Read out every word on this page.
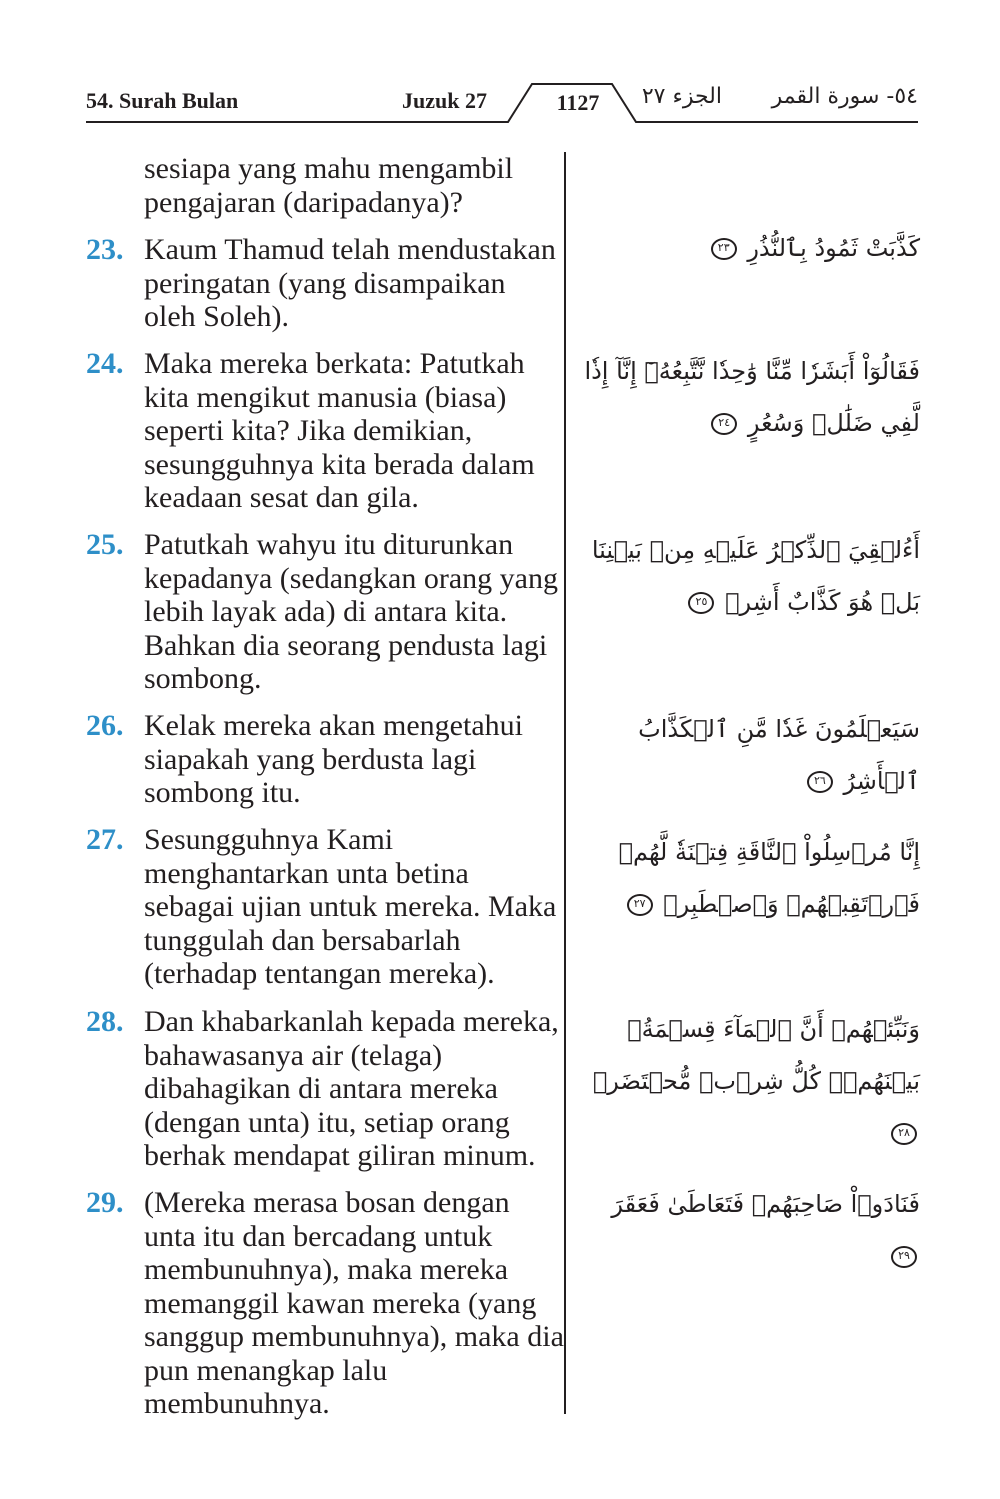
54. Surah Bulan	Juzuk 27	1127	الجزء ٢٧	٥٤- سورة القمر
sesiapa yang mahu mengambil pengajaran (daripadanya)?
23. Kaum Thamud telah mendustakan peringatan (yang disampaikan oleh Soleh).
24. Maka mereka berkata: Patutkah kita mengikut manusia (biasa) seperti kita? Jika demikian, sesungguhnya kita berada dalam keadaan sesat dan gila.
25. Patutkah wahyu itu diturunkan kepadanya (sedangkan orang yang lebih layak ada) di antara kita. Bahkan dia seorang pendusta lagi sombong.
26. Kelak mereka akan mengetahui siapakah yang berdusta lagi sombong itu.
27. Sesungguhnya Kami menghantarkan unta betina sebagai ujian untuk mereka. Maka tunggulah dan bersabarlah (terhadap tentangan mereka).
28. Dan khabarkanlah kepada mereka, bahawasanya air (telaga) dibahagikan di antara mereka (dengan unta) itu, setiap orang berhak mendapat giliran minum.
29. (Mereka merasa bosan dengan unta itu dan bercadang untuk membunuhnya), maka mereka memanggil kawan mereka (yang sanggup membunuhnya), maka dia pun menangkap lalu membunuhnya.
كَذَّبَتْ ثَمُودُ بِٱلنُّذُرِ ٢٣
فَقَالُوٓاْ أَبَشَرٗا مِّنَّا وَٰحِدٗا نَّتَّبِعُهُۥٓ إِنَّآ إِذٗا لَّفِي ضَلَٰلٖ وَسُعُرٍ ٢٤
أَءُلۡقِيَ ٱلذِّكۡرُ عَلَيۡهِ مِنۢ بَيۡنِنَا بَلۡ هُوَ كَذَّابٌ أَشِرٞ ٢٥
سَيَعۡلَمُونَ غَدٗا مَّنِ ٱلۡكَذَّابُ ٱلۡأَشِرُ ٢٦
إِنَّا مُرۡسِلُواْ ٱلنَّاقَةِ فِتۡنَةٗ لَّهُمۡ فَٱرۡتَقِبۡهُمۡ وَٱصۡطَبِرۡ ٢٧
وَنَبِّئۡهُمۡ أَنَّ ٱلۡمَآءَ قِسۡمَةُۢ بَيۡنَهُمۡۖ كُلُّ شِرۡبٖ مُّحۡتَضَرٞ ٢٨
فَنَادَوۡاْ صَاحِبَهُمۡ فَتَعَاطَىٰ فَعَقَرَ ٢٩
